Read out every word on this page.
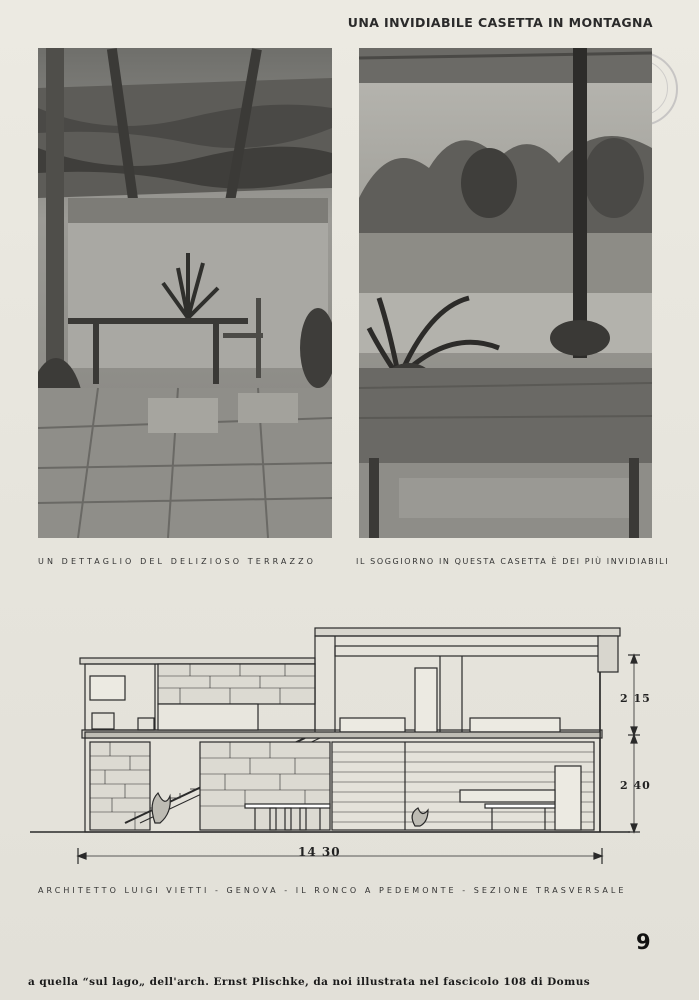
UNA INVIDIABILE CASETTA IN MONTAGNA
UN DETTAGLIO DEL DELIZIOSO TERRAZZO	IL SOGGIORNO IN QUESTA CASETTA È DEI PIÙ INVIDIABILI
14 30
2 15
2 40
ARCHITETTO LUIGI VIETTI - GENOVA - IL RONCO A PEDEMONTE - SEZIONE TRASVERSALE
9
a quella “sul lago„ dell'arch. Ernst Plischke, da noi illustrata nel fascicolo 108 di Domus
